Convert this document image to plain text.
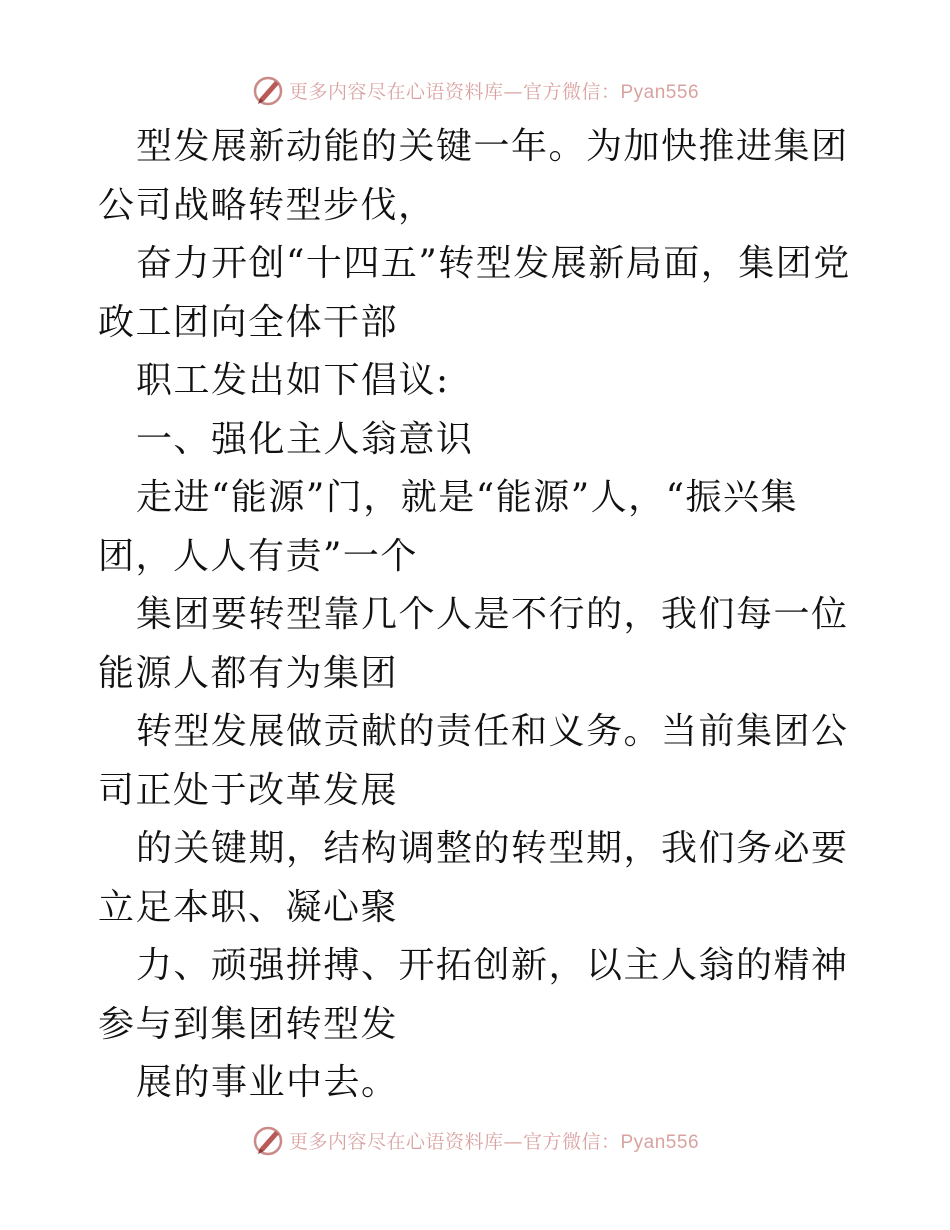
更多内容尽在心语资料库—官方微信：Pyan556

型发展新动能的关键一年。为加快推进集团公司战略转型步伐，

奋力开创“十四五”转型发展新局面，集团党政工团向全体干部

职工发出如下倡议:

一、强化主人翁意识

走进“能源”门，就是“能源”人，“振兴集团，人人有责”一个

集团要转型靠几个人是不行的，我们每一位能源人都有为集团

转型发展做贡献的责任和义务。当前集团公司正处于改革发展

的关键期，结构调整的转型期，我们务必要立足本职、凝心聚

力、顽强拼搏、开拓创新，以主人翁的精神参与到集团转型发

展的事业中去。

更多内容尽在心语资料库—官方微信：Pyan556
